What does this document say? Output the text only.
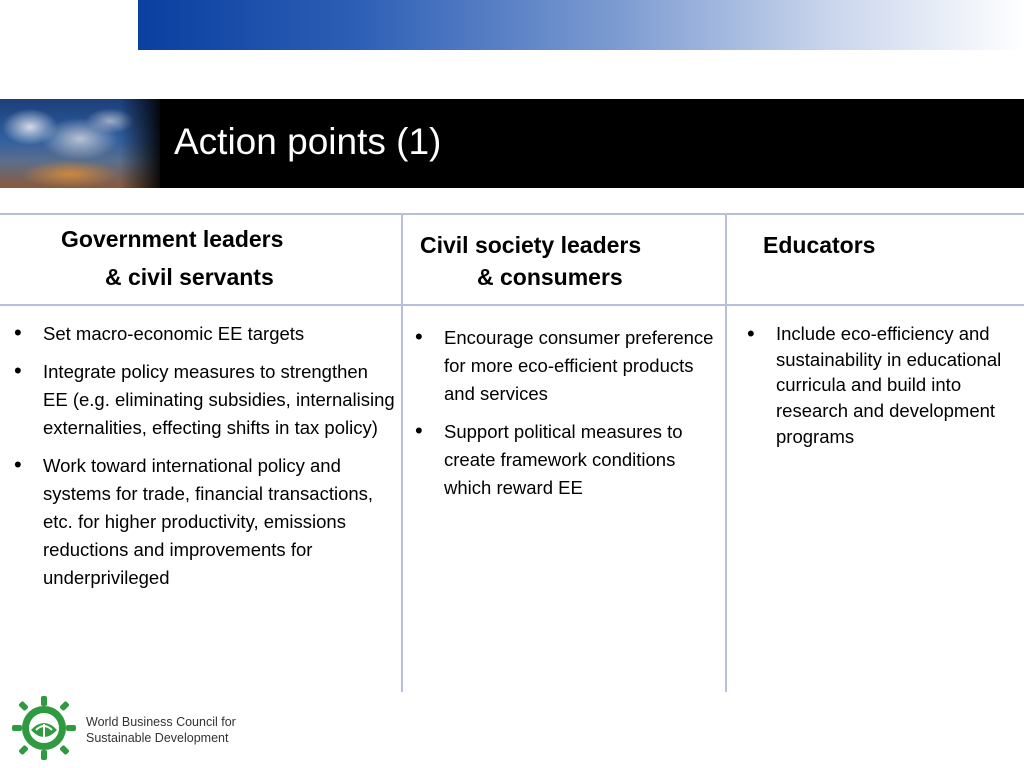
Action points (1)
Government leaders
& civil servants
Civil society leaders
& consumers
Educators
• Set macro-economic EE targets
• Integrate policy measures to strengthen EE (e.g. eliminating subsidies, internalising externalities, effecting shifts in tax policy)
• Work toward international policy and systems for trade, financial transactions, etc. for higher productivity, emissions reductions and improvements for underprivileged
• Encourage consumer preference for more eco-efficient products and services
• Support political measures to create framework conditions which reward EE
• Include eco-efficiency and sustainability in educational curricula and build into research and development programs
World Business Council for
Sustainable Development
